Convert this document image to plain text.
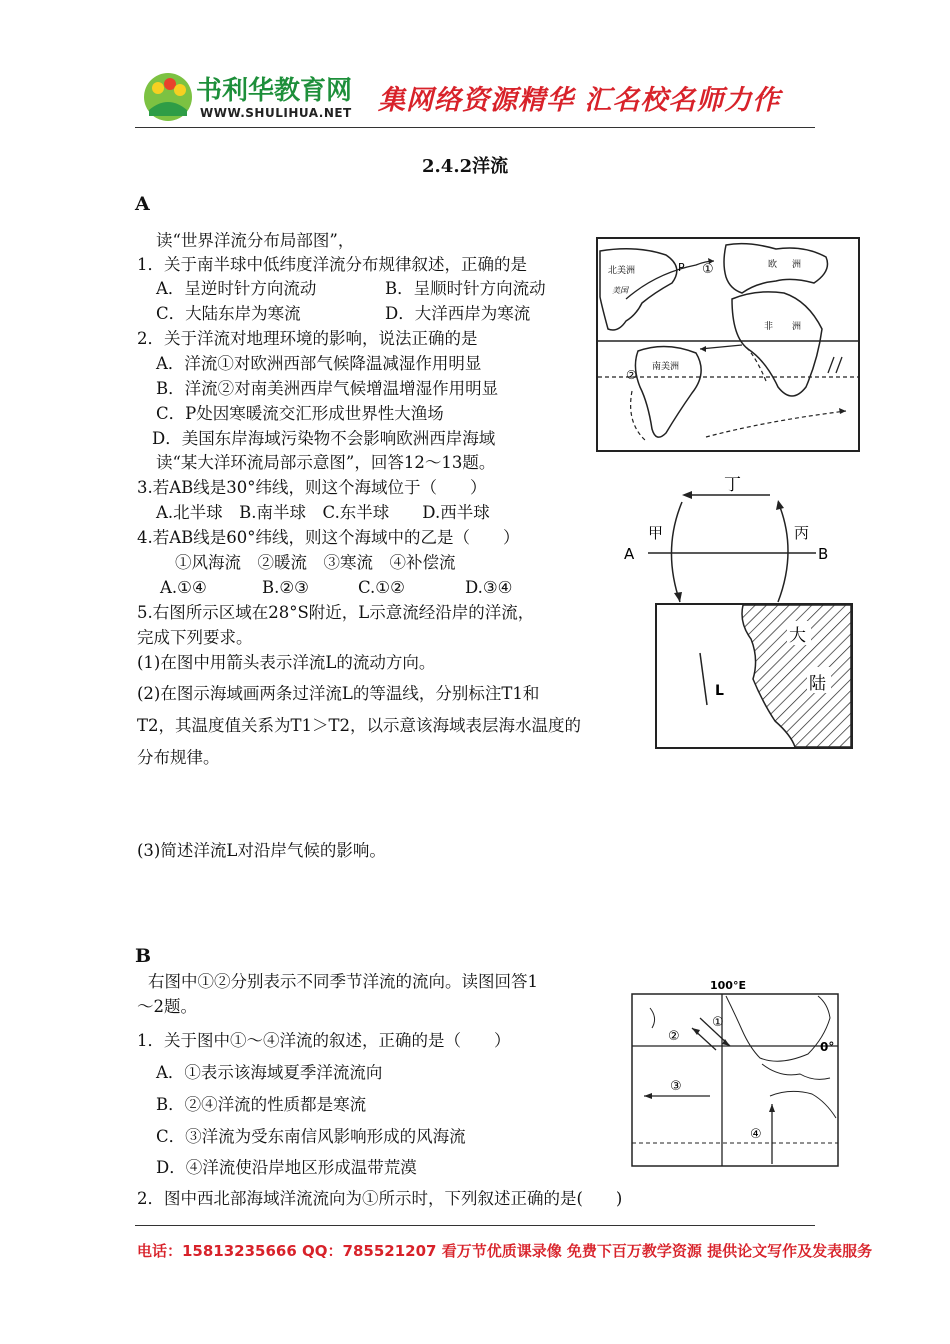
书利华教育网
WWW.SHULIHUA.NET 集网络资源精华 汇名校名师力作
2.4.2洋流
A
读“世界洋流分布局部图”，
1．关于南半球中低纬度洋流分布规律叙述，正确的是
A．呈逆时针方向流动	B．呈顺时针方向流动
C．大陆东岸为寒流	D．大洋西岸为寒流
2．关于洋流对地理环境的影响，说法正确的是
A．洋流①对欧洲西部气候降温减湿作用明显
B．洋流②对南美洲西岸气候增温增湿作用明显
C．P处因寒暖流交汇形成世界性大渔场
D．美国东岸海域污染物不会影响欧洲西岸海域
读“某大洋环流局部示意图”，回答12～13题。
3.若AB线是30°纬线，则这个海域位于（　　）
A.北半球　B.南半球　C.东半球　　D.西半球
4.若AB线是60°纬线，则这个海域中的乙是（　　）
①风海流　②暖流　③寒流　④补偿流
A.①④	B.②③	C.①②	D.③④
5.右图所示区域在28°S附近，L示意流经沿岸的洋流，
完成下列要求。
(1)在图中用箭头表示洋流L的流动方向。
(2)在图示海域画两条过洋流L的等温线，分别标注T1和
T2，其温度值关系为T1＞T2，以示意该海域表层海水温度的
分布规律。
(3)简述洋流L对沿岸气候的影响。
北美洲
美国
欧 洲
非 洲
南美洲
P ①
②
丁
甲	丙
A	B
大
陆
L
B
右图中①②分别表示不同季节洋流的流向。读图回答1
～2题。
1．关于图中①～④洋流的叙述，正确的是（　　）
A．①表示该海域夏季洋流流向
B．②④洋流的性质都是寒流
C．③洋流为受东南信风影响形成的风海流
D．④洋流使沿岸地区形成温带荒漠
2．图中西北部海域洋流流向为①所示时，下列叙述正确的是(　　)
100°E
0°
①
②
③
④
电话：15813235666 QQ：785521207 看万节优质课录像 免费下百万教学资源 提供论文写作及发表服务
